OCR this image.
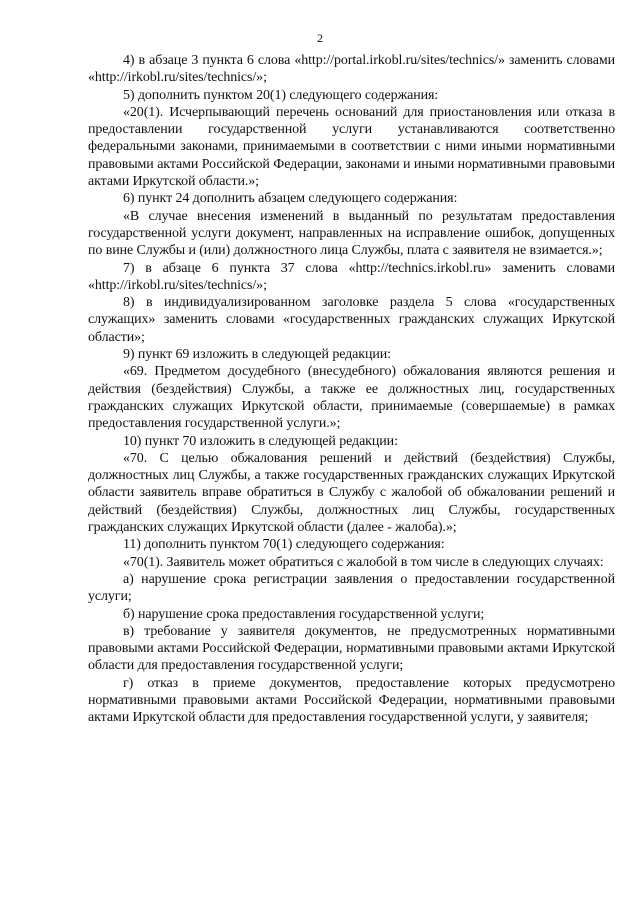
2

4) в абзаце 3 пункта 6 слова «http://portal.irkobl.ru/sites/technics/» заменить словами «http://irkobl.ru/sites/technics/»;

5) дополнить пунктом 20(1) следующего содержания:

«20(1). Исчерпывающий перечень оснований для приостановления или отказа в предоставлении государственной услуги устанавливаются соответственно федеральными законами, принимаемыми в соответствии с ними иными нормативными правовыми актами Российской Федерации, законами и иными нормативными правовыми актами Иркутской области.»;

6) пункт 24 дополнить абзацем следующего содержания:

«В случае внесения изменений в выданный по результатам предоставления государственной услуги документ, направленных на исправление ошибок, допущенных по вине Службы и (или) должностного лица Службы, плата с заявителя не взимается.»;

7) в абзаце 6 пункта 37 слова «http://technics.irkobl.ru» заменить словами «http://irkobl.ru/sites/technics/»;

8) в индивидуализированном заголовке раздела 5 слова «государственных служащих» заменить словами «государственных гражданских служащих Иркутской области»;

9) пункт 69 изложить в следующей редакции:

«69. Предметом досудебного (внесудебного) обжалования являются решения и действия (бездействия) Службы, а также ее должностных лиц, государственных гражданских служащих Иркутской области, принимаемые (совершаемые) в рамках предоставления государственной услуги.»;

10) пункт 70 изложить в следующей редакции:

«70. С целью обжалования решений и действий (бездействия) Службы, должностных лиц Службы, а также государственных гражданских служащих Иркутской области заявитель вправе обратиться в Службу с жалобой об обжаловании решений и действий (бездействия) Службы, должностных лиц Службы, государственных гражданских служащих Иркутской области (далее - жалоба).»;

11) дополнить пунктом 70(1) следующего содержания:

«70(1). Заявитель может обратиться с жалобой в том числе в следующих случаях:

а) нарушение срока регистрации заявления о предоставлении государственной услуги;

б) нарушение срока предоставления государственной услуги;

в) требование у заявителя документов, не предусмотренных нормативными правовыми актами Российской Федерации, нормативными правовыми актами Иркутской области для предоставления государственной услуги;

г) отказ в приеме документов, предоставление которых предусмотрено нормативными правовыми актами Российской Федерации, нормативными правовыми актами Иркутской области для предоставления государственной услуги, у заявителя;
